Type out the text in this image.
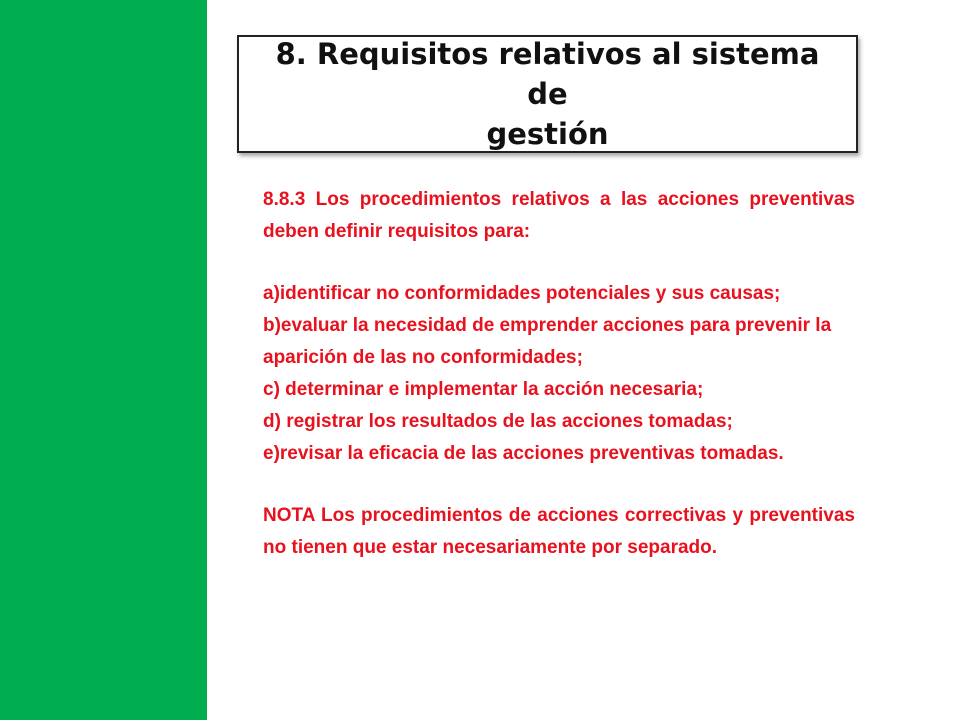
8. Requisitos relativos al sistema de
gestión

8.8.3 Los procedimientos relativos a las acciones preventivas deben definir requisitos para:

a)identificar no conformidades potenciales y sus causas;

b)evaluar la necesidad de emprender acciones para prevenir la aparición de las no conformidades;

c) determinar e implementar la acción necesaria;

d) registrar los resultados de las acciones tomadas;

e)revisar la eficacia de las acciones preventivas tomadas.

NOTA Los procedimientos de acciones correctivas y preventivas no tienen que estar necesariamente por separado.
